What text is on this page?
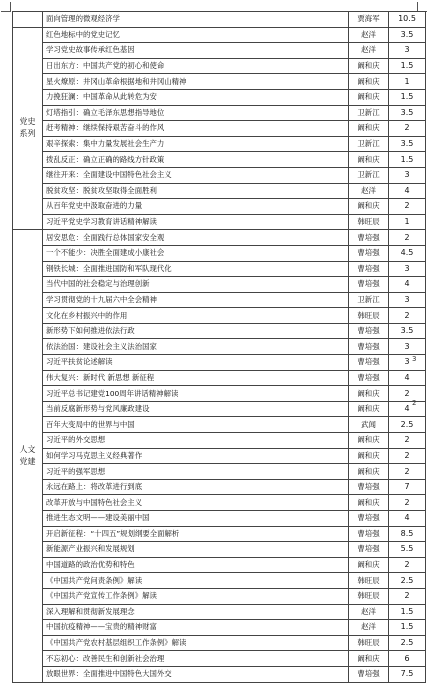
	面向管理的微观经济学	贾海军	10.5
党史
系列	红色地标中的党史记忆	赵洋	3.5
	学习党史故事传承红色基因	赵洋	3
	日出东方：中国共产党的初心和使命	阚和庆	1.5
	星火燎原：井冈山革命根据地和井冈山精神	阚和庆	1
	力挽狂澜：中国革命从此转危为安	阚和庆	1.5
	灯塔指引：确立毛泽东思想指导地位	卫新江	3.5
	赶考精神：继续保持艰苦奋斗的作风	阚和庆	2
	艰辛探索：集中力量发展社会生产力	卫新江	3.5
	拨乱反正：确立正确的路线方针政策	阚和庆	1.5
	继往开来：全面建设中国特色社会主义	卫新江	3
	脱贫攻坚：脱贫攻坚取得全面胜利	赵洋	4
	从百年党史中汲取奋进的力量	阚和庆	2
	习近平党史学习教育讲话精神解读	韩旺辰	1
人文
党建	居安思危：全面践行总体国家安全观	曹培强	2
	一个不能少：决胜全面建成小康社会	曹培强	4.5
	钢铁长城：全面推进国防和军队现代化	曹培强	3
	当代中国的社会稳定与治理创新	曹培强	4
	学习贯彻党的十九届六中全会精神	卫新江	3
	文化在乡村振兴中的作用	韩旺辰	2
	新形势下如何推进依法行政	曹培强	3.5
	依法治国：建设社会主义法治国家	曹培强	3
	习近平扶贫论述解读	曹培强	3
	伟大复兴：新时代 新思想 新征程	曹培强	4
	习近平总书记建党100周年讲话精神解读	阚和庆	2
	当前反腐新形势与党风廉政建设	阚和庆	4
	百年大变局中的世界与中国	武闻	2.5
	习近平的外交思想	阚和庆	2
	如何学习马克思主义经典著作	阚和庆	2
	习近平的强军思想	阚和庆	2
	永远在路上：将改革进行到底	曹培强	7
	改革开放与中国特色社会主义	阚和庆	2
	推进生态文明——建设美丽中国	曹培强	4
	开启新征程：“十四五”规划纲要全面解析	曹培强	8.5
	新能源产业振兴和发展规划	曹培强	5.5
	中国道路的政治优势和特色	阚和庆	2
	《中国共产党问责条例》解读	韩旺辰	2.5
	《中国共产党宣传工作条例》解读	韩旺辰	2
	深入理解和贯彻新发展理念	赵洋	1.5
	中国抗疫精神——宝贵的精神财富	赵洋	1.5
	《中国共产党农村基层组织工作条例》解读	韩旺辰	2.5
	不忘初心：改善民生和创新社会治理	阚和庆	6
	放眼世界：全面推进中国特色大国外交	曹培强	7.5
3
2
